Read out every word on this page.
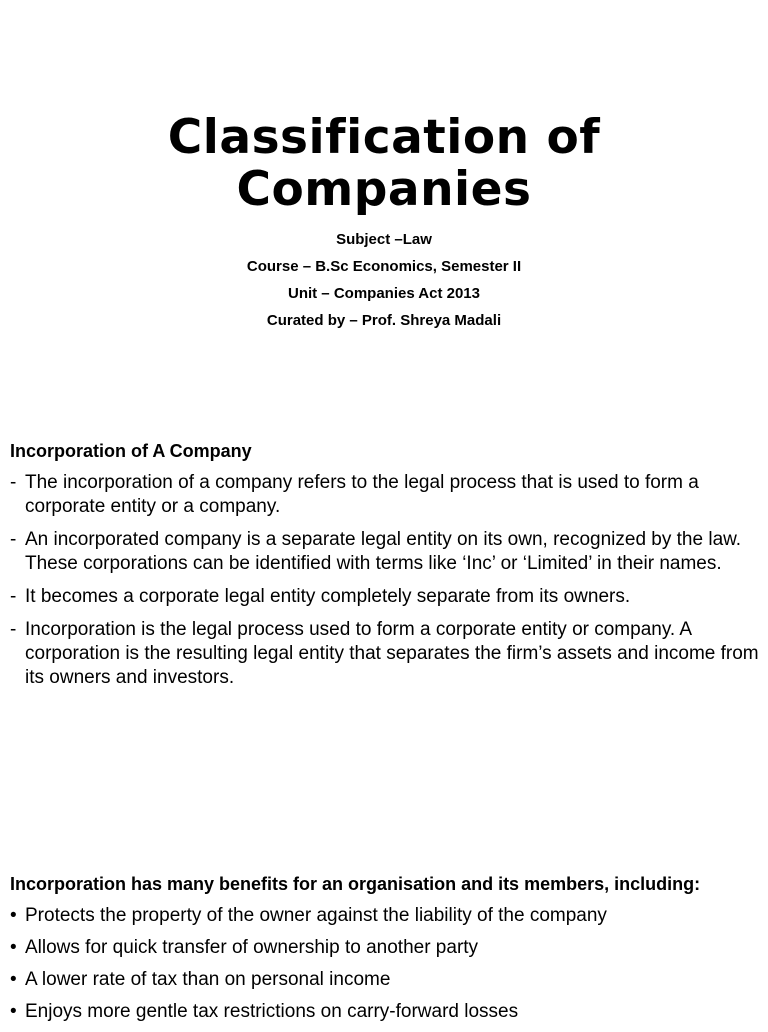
Classification of
Companies
Subject –Law
Course – B.Sc Economics, Semester II
Unit – Companies Act 2013
Curated by – Prof. Shreya Madali
Incorporation of A Company
- The incorporation of a company refers to the legal process that is used to form a corporate entity or a company.
- An incorporated company is a separate legal entity on its own, recognized by the law. These corporations can be identified with terms like ‘Inc’ or ‘Limited’ in their names.
- It becomes a corporate legal entity completely separate from its owners.
- Incorporation is the legal process used to form a corporate entity or company. A corporation is the resulting legal entity that separates the firm’s assets and income from its owners and investors.
Incorporation has many benefits for an organisation and its members, including:
• Protects the property of the owner against the liability of the company
• Allows for quick transfer of ownership to another party
• A lower rate of tax than on personal income
• Enjoys more gentle tax restrictions on carry-forward losses
